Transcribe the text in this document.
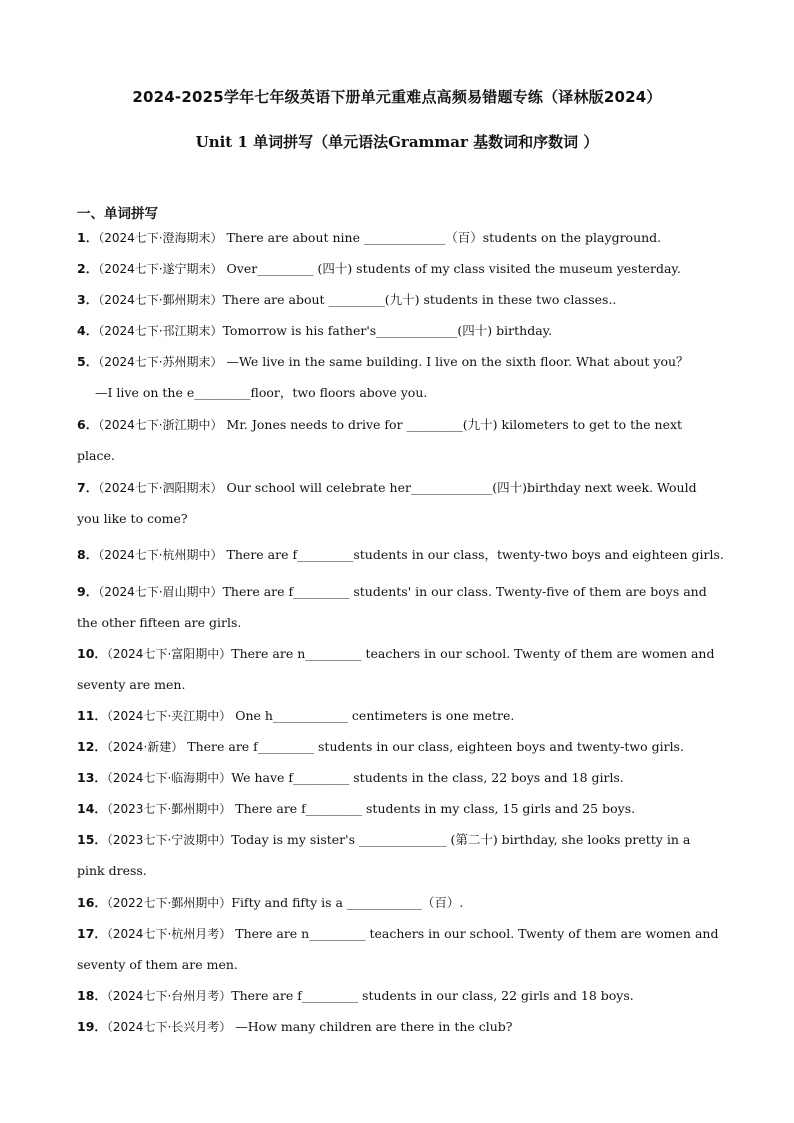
2024-2025学年七年级英语下册单元重难点高频易错题专练（译林版2024）
Unit 1 单词拼写（单元语法Grammar 基数词和序数词 ）
一、单词拼写
1．（2024七下·澄海期末） There are about nine _____________（百）students on the playground.
2．（2024七下·遂宁期末） Over_________ (四十) students of my class visited the museum yesterday.
3．（2024七下·鄞州期末）There are about _________(九十) students in these two classes..
4．（2024七下·邗江期末）Tomorrow is his father's_____________(四十) birthday.
5．（2024七下·苏州期末） —We live in the same building. I live on the sixth floor. What about you？
—I live on the e_________floor，two floors above you.
6．（2024七下·浙江期中） Mr. Jones needs to drive for _________(九十) kilometers to get to the next
place.
7．（2024七下·泗阳期末） Our school will celebrate her_____________(四十)birthday next week. Would
you like to come?
8．（2024七下·杭州期中） There are f_________students in our class，twenty-two boys and eighteen girls.
9．（2024七下·眉山期中）There are f_________ students' in our class. Twenty-five of them are boys and
the other fifteen are girls.
10．（2024七下·富阳期中）There are n_________ teachers in our school. Twenty of them are women and
seventy are men.
11．（2024七下·夹江期中） One h____________ centimeters is one metre.
12．（2024·新建） There are f_________ students in our class, eighteen boys and twenty-two girls.
13．（2024七下·临海期中）We have f_________ students in the class, 22 boys and 18 girls.
14．（2023七下·鄞州期中） There are f_________ students in my class, 15 girls and 25 boys.
15．（2023七下·宁波期中）Today is my sister's ______________ (第二十) birthday, she looks pretty in a
pink dress.
16．（2022七下·鄞州期中）Fifty and fifty is a ____________（百）.
17．（2024七下·杭州月考） There are n_________ teachers in our school. Twenty of them are women and
seventy of them are men.
18．（2024七下·台州月考）There are f_________ students in our class, 22 girls and 18 boys.
19．（2024七下·长兴月考） —How many children are there in the club?
